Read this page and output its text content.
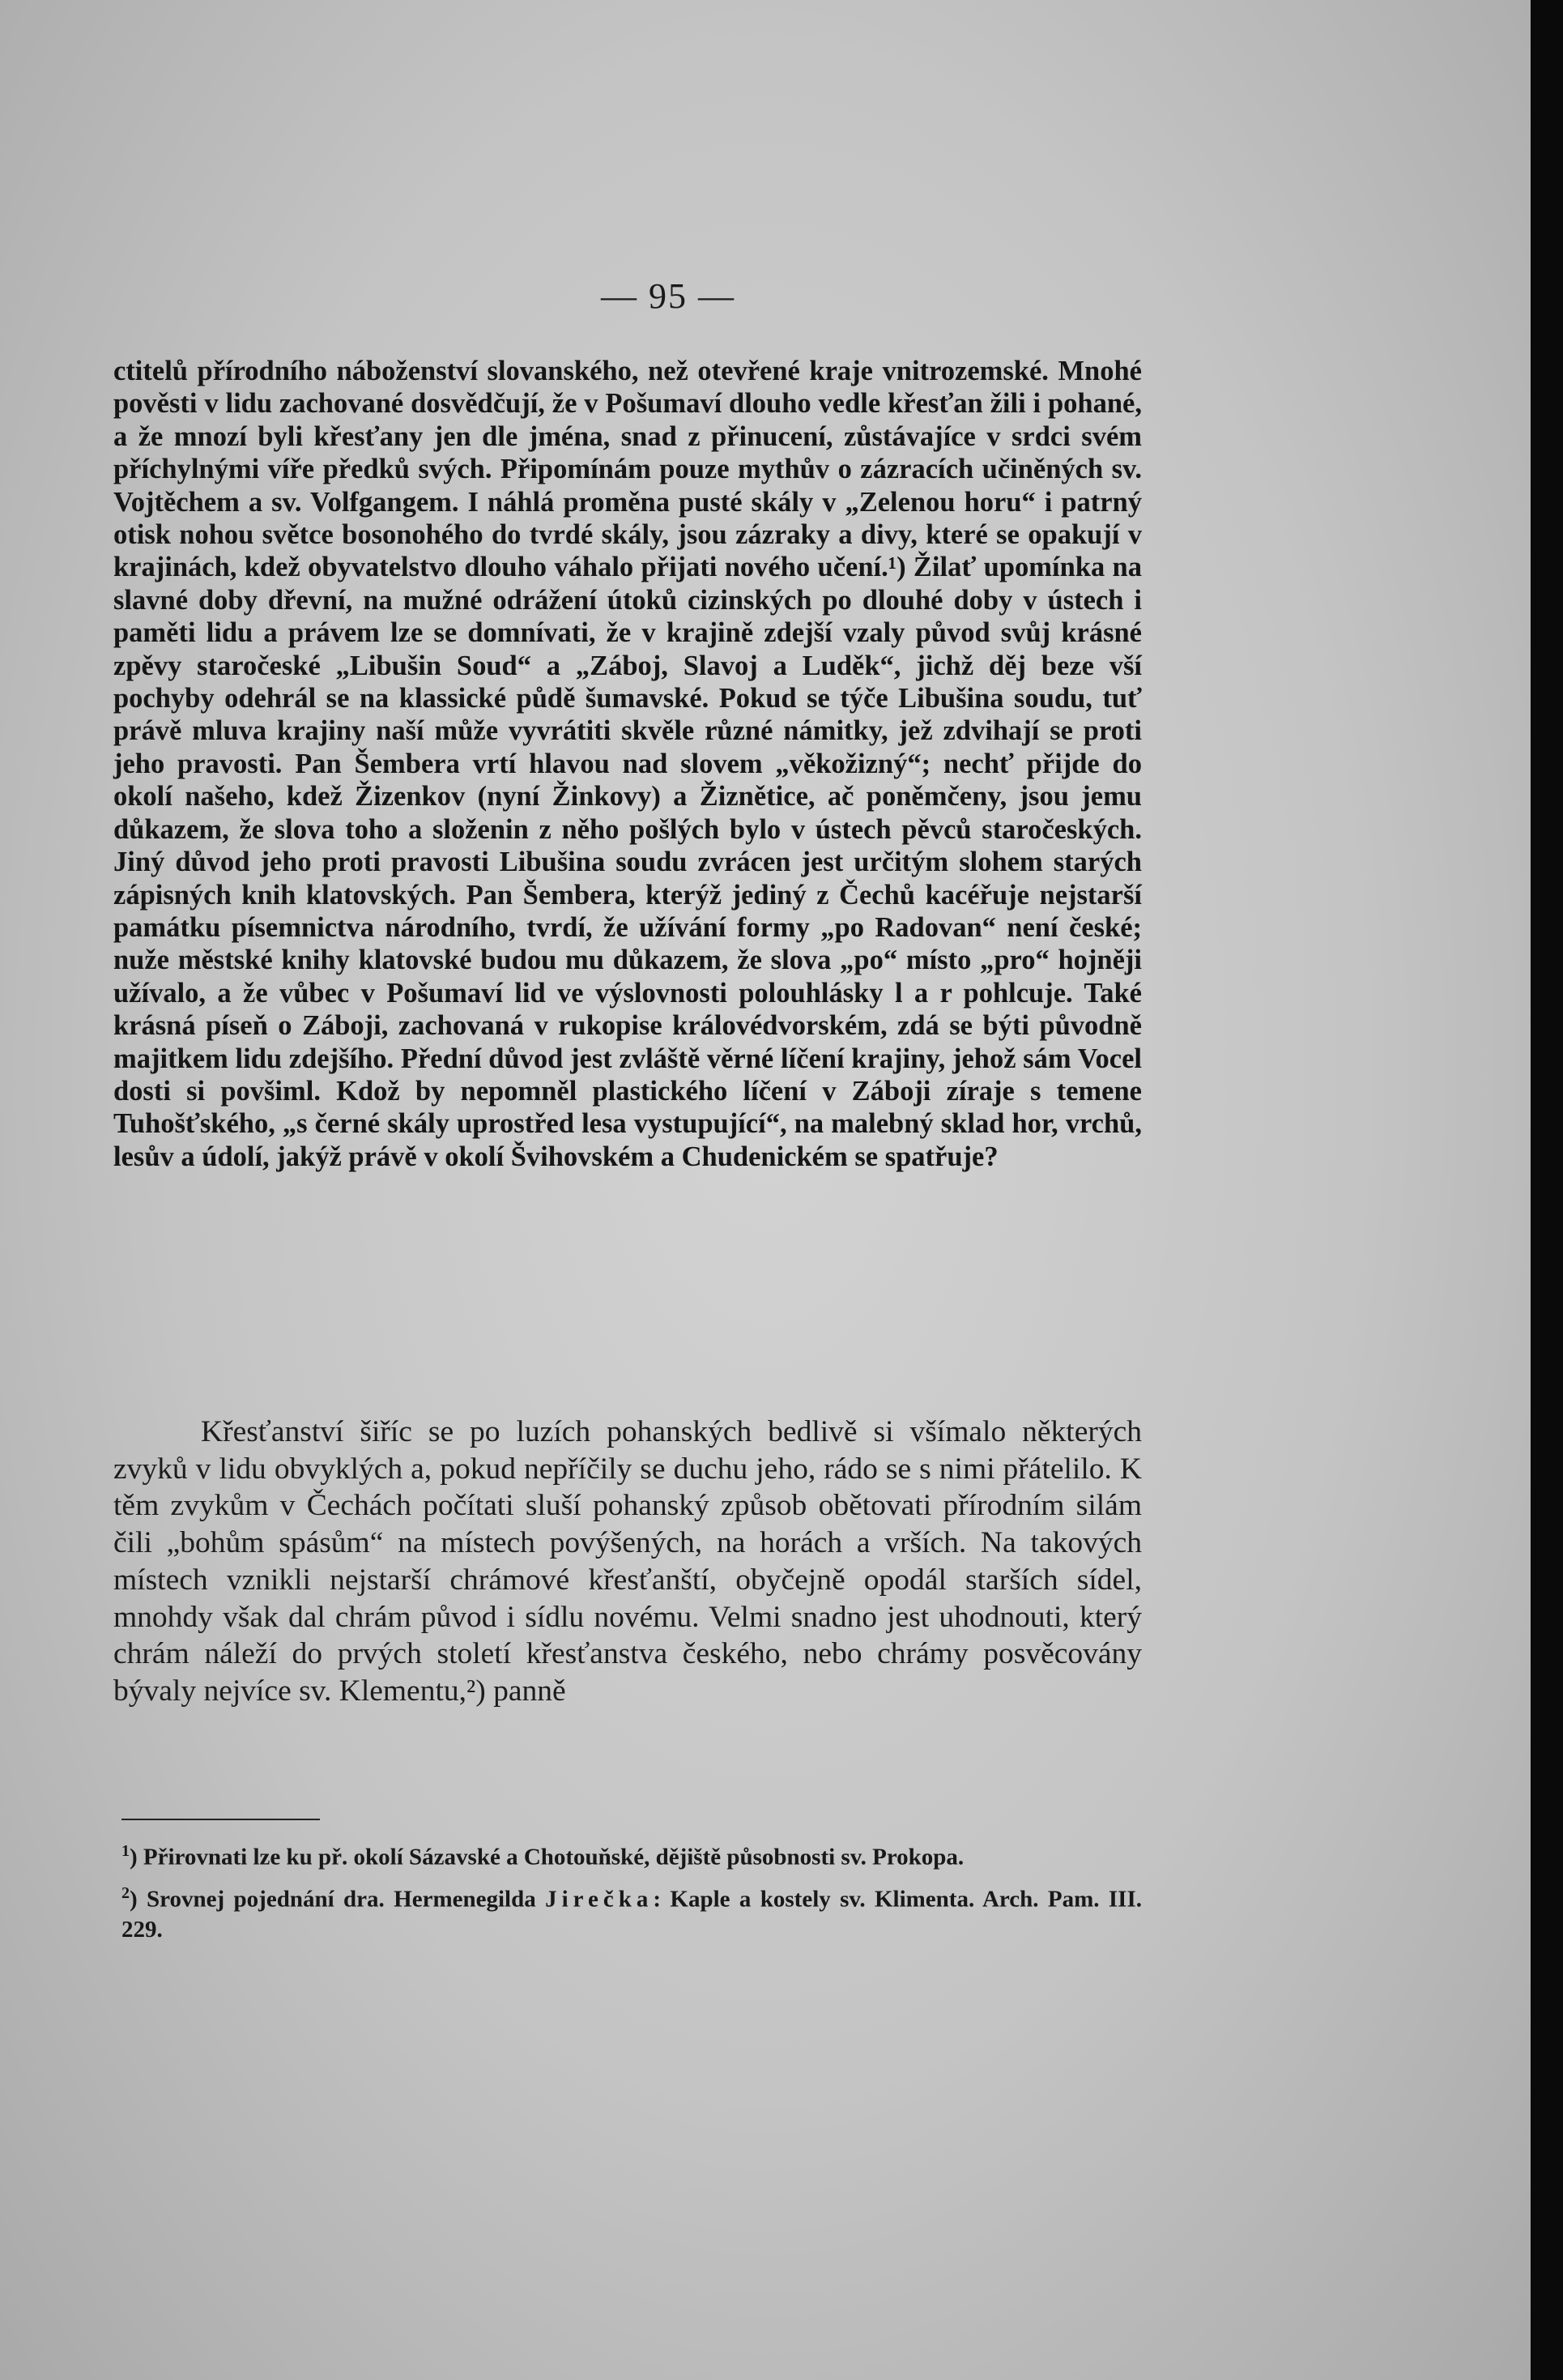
— 95 —

ctitelů přírodního náboženství slovanského, než otevřené kraje vnitrozemské. Mnohé pověsti v lidu zachované dosvědčují, že v Pošumaví dlouho vedle křesťan žili i pohané, a že mnozí byli křesťany jen dle jména, snad z přinucení, zůstávajíce v srdci svém příchylnými víře předků svých. Připomínám pouze mythův o zázracích učiněných sv. Vojtěchem a sv. Volfgangem. I náhlá proměna pusté skály v „Zelenou horu“ i patrný otisk nohou světce bosonohého do tvrdé skály, jsou zázraky a divy, které se opakují v krajinách, kdež obyvatelstvo dlouho váhalo přijati nového učení.¹) Žilať upomínka na slavné doby dřevní, na mužné odrážení útoků cizinských po dlouhé doby v ústech i paměti lidu a právem lze se domnívati, že v krajině zdejší vzaly původ svůj krásné zpěvy staročeské „Libušin Soud“ a „Záboj, Slavoj a Luděk“, jichž děj beze vší pochyby odehrál se na klassické půdě šumavské. Pokud se týče Libušina soudu, tuť právě mluva krajiny naší může vyvrátiti skvěle různé námitky, jež zdvihají se proti jeho pravosti. Pan Šembera vrtí hlavou nad slovem „věkožizný“; nechť přijde do okolí našeho, kdež Žizenkov (nyní Žinkovy) a Žiznětice, ač poněmčeny, jsou jemu důkazem, že slova toho a složenin z něho pošlých bylo v ústech pěvců staročeských. Jiný důvod jeho proti pravosti Libušina soudu zvrácen jest určitým slohem starých zápisných knih klatovských. Pan Šembera, kterýž jediný z Čechů kacéřuje nejstarší památku písemnictva národního, tvrdí, že užívání formy „po Radovan“ není české; nuže městské knihy klatovské budou mu důkazem, že slova „po“ místo „pro“ hojněji užívalo, a že vůbec v Pošumaví lid ve výslovnosti polouhlásky l a r pohlcuje. Také krásná píseň o Záboji, zachovaná v rukopise královédvorském, zdá se býti původně majitkem lidu zdejšího. Přední důvod jest zvláště věrné líčení krajiny, jehož sám Vocel dosti si povšiml. Kdož by nepomněl plastického líčení v Záboji zíraje s temene Tuhošťského, „s černé skály uprostřed lesa vystupující“, na malebný sklad hor, vrchů, lesův a údolí, jakýž právě v okolí Švihovském a Chudenickém se spatřuje?

Křesťanství šiříc se po luzích pohanských bedlivě si všímalo některých zvyků v lidu obvyklých a, pokud nepříčily se duchu jeho, rádo se s nimi přátelilo. K těm zvykům v Čechách počítati sluší pohanský způsob obětovati přírodním silám čili „bohům spásům“ na místech povýšených, na horách a vrších. Na takových místech vznikli nejstarší chrámové křesťanští, obyčejně opodál starších sídel, mnohdy však dal chrám původ i sídlu novému. Velmi snadno jest uhodnouti, který chrám náleží do prvých století křesťanstva českého, nebo chrámy posvěcovány bývaly nejvíce sv. Klementu,²) panně

$^1$) Přirovnati lze ku př. okolí Sázavské a Chotouňské, dějiště působnosti sv. Prokopa.

$^2$) Srovnej pojednání dra. Hermenegilda Jirečka: Kaple a kostely sv. Klimenta. Arch. Pam. III. 229.
